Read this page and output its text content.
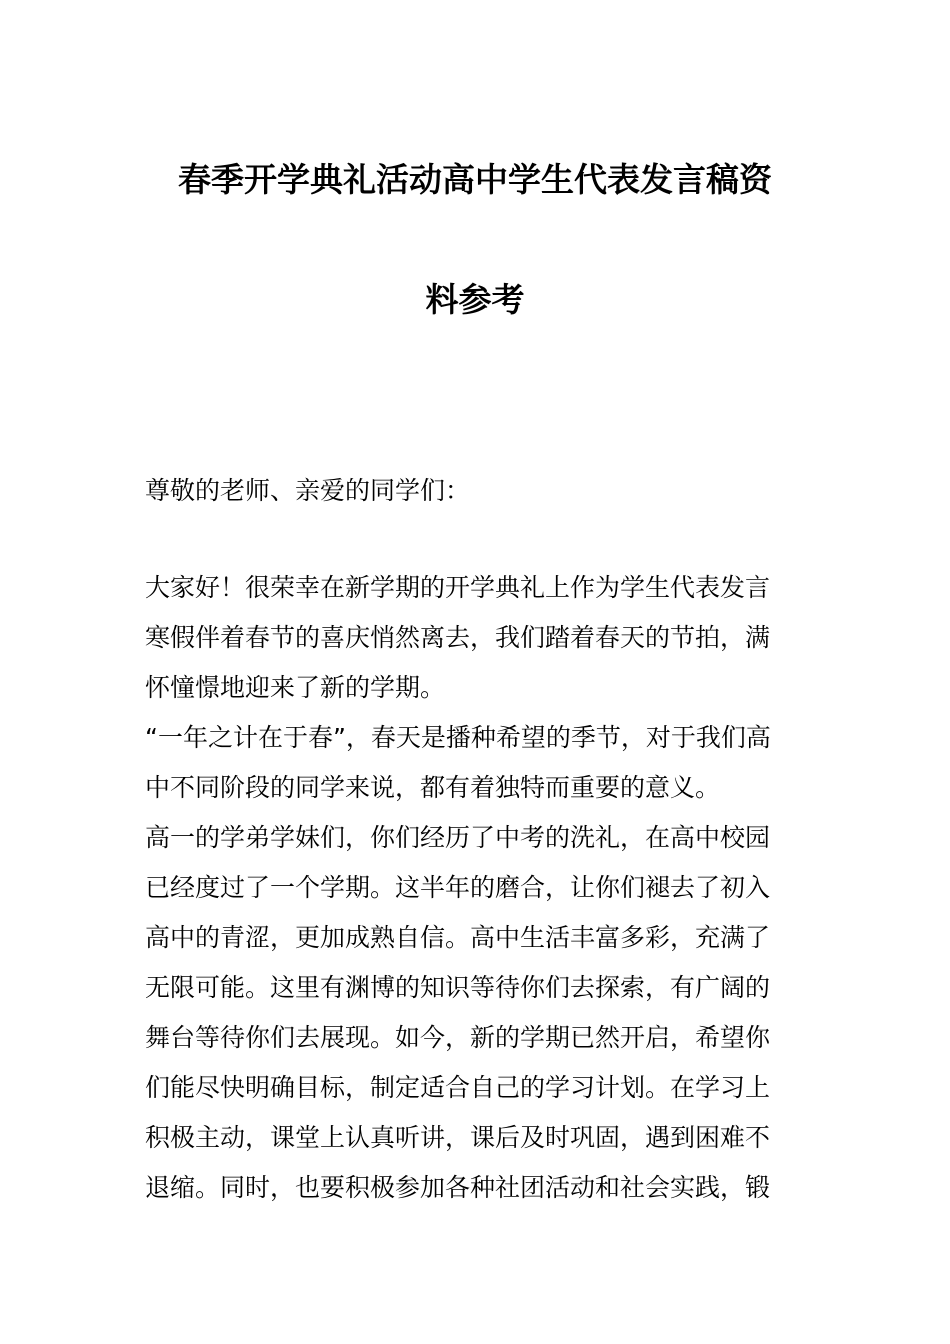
春季开学典礼活动高中学生代表发言稿资
料参考
尊敬的老师、亲爱的同学们：
大家好！很荣幸在新学期的开学典礼上作为学生代表发言
寒假伴着春节的喜庆悄然离去，我们踏着春天的节拍，满
怀憧憬地迎来了新的学期。
“一年之计在于春”，春天是播种希望的季节，对于我们高
中不同阶段的同学来说，都有着独特而重要的意义。
高一的学弟学妹们，你们经历了中考的洗礼，在高中校园
已经度过了一个学期。这半年的磨合，让你们褪去了初入
高中的青涩，更加成熟自信。高中生活丰富多彩，充满了
无限可能。这里有渊博的知识等待你们去探索，有广阔的
舞台等待你们去展现。如今，新的学期已然开启，希望你
们能尽快明确目标，制定适合自己的学习计划。在学习上
积极主动，课堂上认真听讲，课后及时巩固，遇到困难不
退缩。同时，也要积极参加各种社团活动和社会实践，锻
